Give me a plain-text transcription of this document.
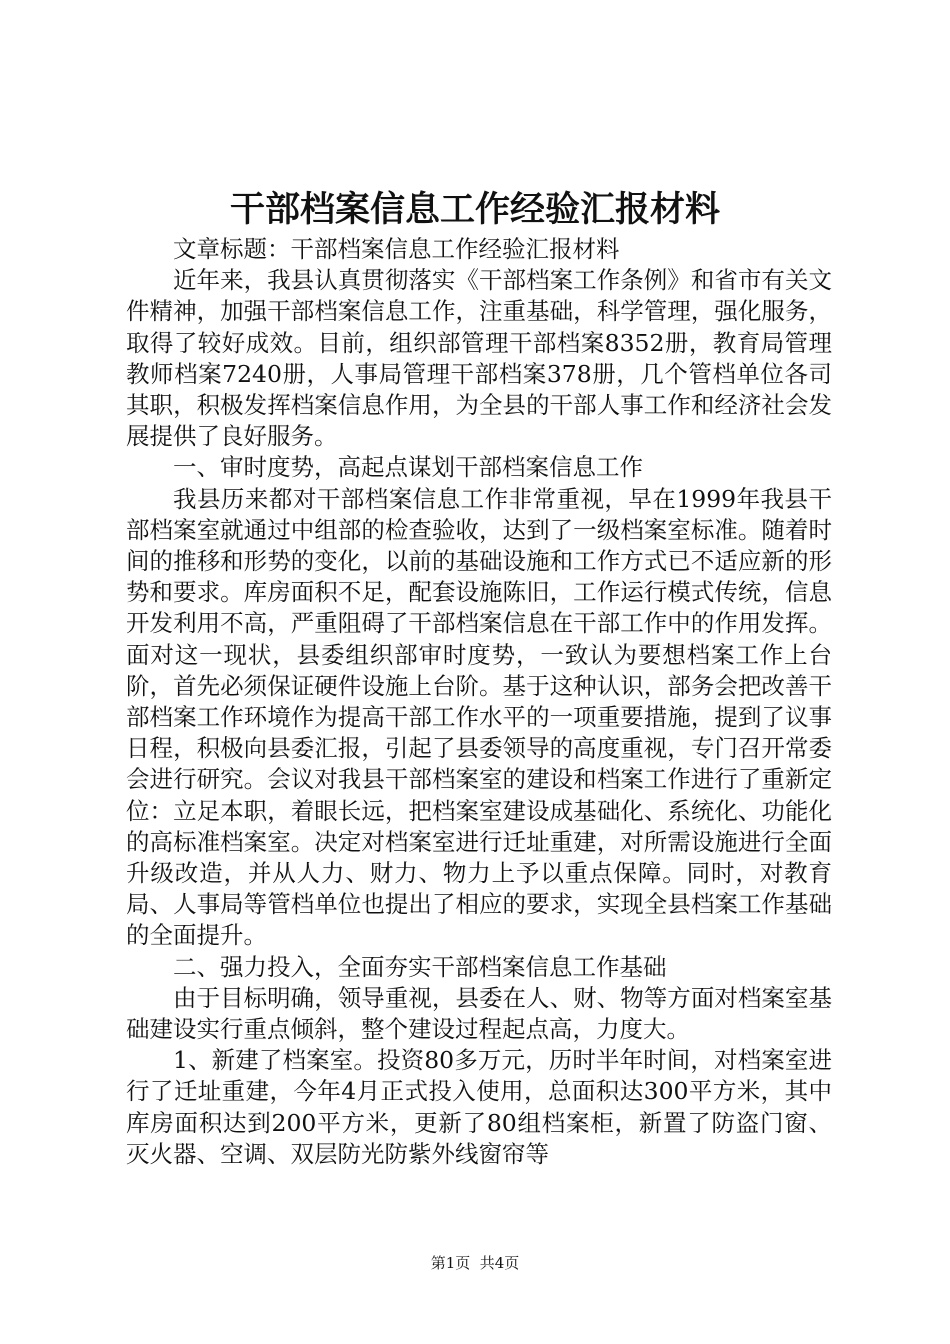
干部档案信息工作经验汇报材料

文章标题：干部档案信息工作经验汇报材料

近年来，我县认真贯彻落实《干部档案工作条例》和省市有关文件精神，加强干部档案信息工作，注重基础，科学管理，强化服务，取得了较好成效。目前，组织部管理干部档案8352册，教育局管理教师档案7240册，人事局管理干部档案378册，几个管档单位各司其职，积极发挥档案信息作用，为全县的干部人事工作和经济社会发展提供了良好服务。

一、审时度势，高起点谋划干部档案信息工作

我县历来都对干部档案信息工作非常重视，早在1999年我县干部档案室就通过中组部的检查验收，达到了一级档案室标准。随着时间的推移和形势的变化，以前的基础设施和工作方式已不适应新的形势和要求。库房面积不足，配套设施陈旧，工作运行模式传统，信息开发利用不高，严重阻碍了干部档案信息在干部工作中的作用发挥。面对这一现状，县委组织部审时度势，一致认为要想档案工作上台阶，首先必须保证硬件设施上台阶。基于这种认识，部务会把改善干部档案工作环境作为提高干部工作水平的一项重要措施，提到了议事日程，积极向县委汇报，引起了县委领导的高度重视，专门召开常委会进行研究。会议对我县干部档案室的建设和档案工作进行了重新定位：立足本职，着眼长远，把档案室建设成基础化、系统化、功能化的高标准档案室。决定对档案室进行迁址重建，对所需设施进行全面升级改造，并从人力、财力、物力上予以重点保障。同时，对教育局、人事局等管档单位也提出了相应的要求，实现全县档案工作基础的全面提升。

二、强力投入，全面夯实干部档案信息工作基础

由于目标明确，领导重视，县委在人、财、物等方面对档案室基础建设实行重点倾斜，整个建设过程起点高，力度大。

1、新建了档案室。投资80多万元，历时半年时间，对档案室进行了迁址重建，今年4月正式投入使用，总面积达300平方米，其中库房面积达到200平方米，更新了80组档案柜，新置了防盗门窗、灭火器、空调、双层防光防紫外线窗帘等

第1页  共4页
